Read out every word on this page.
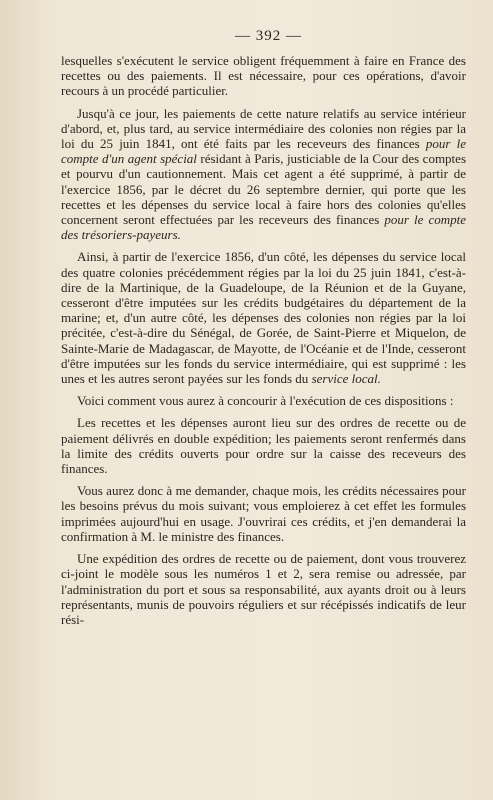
— 392 —

lesquelles s'exécutent le service obligent fréquemment à faire en France des recettes ou des paiements. Il est nécessaire, pour ces opérations, d'avoir recours à un procédé particulier.

Jusqu'à ce jour, les paiements de cette nature relatifs au service intérieur d'abord, et, plus tard, au service intermédiaire des colonies non régies par la loi du 25 juin 1841, ont été faits par les receveurs des finances pour le compte d'un agent spécial résidant à Paris, justiciable de la Cour des comptes et pourvu d'un cautionnement. Mais cet agent a été supprimé, à partir de l'exercice 1856, par le décret du 26 septembre dernier, qui porte que les recettes et les dépenses du service local à faire hors des colonies qu'elles concernent seront effectuées par les receveurs des finances pour le compte des trésoriers-payeurs.

Ainsi, à partir de l'exercice 1856, d'un côté, les dépenses du service local des quatre colonies précédemment régies par la loi du 25 juin 1841, c'est-à-dire de la Martinique, de la Guadeloupe, de la Réunion et de la Guyane, cesseront d'être imputées sur les crédits budgétaires du département de la marine; et, d'un autre côté, les dépenses des colonies non régies par la loi précitée, c'est-à-dire du Sénégal, de Gorée, de Saint-Pierre et Miquelon, de Sainte-Marie de Madagascar, de Mayotte, de l'Océanie et de l'Inde, cesseront d'être imputées sur les fonds du service intermédiaire, qui est supprimé : les unes et les autres seront payées sur les fonds du service local.

Voici comment vous aurez à concourir à l'exécution de ces dispositions :

Les recettes et les dépenses auront lieu sur des ordres de recette ou de paiement délivrés en double expédition; les paiements seront renfermés dans la limite des crédits ouverts pour ordre sur la caisse des receveurs des finances.

Vous aurez donc à me demander, chaque mois, les crédits nécessaires pour les besoins prévus du mois suivant; vous emploierez à cet effet les formules imprimées aujourd'hui en usage. J'ouvrirai ces crédits, et j'en demanderai la confirmation à M. le ministre des finances.

Une expédition des ordres de recette ou de paiement, dont vous trouverez ci-joint le modèle sous les numéros 1 et 2, sera remise ou adressée, par l'administration du port et sous sa responsabilité, aux ayants droit ou à leurs représentants, munis de pouvoirs réguliers et sur récépissés indicatifs de leur rési-
